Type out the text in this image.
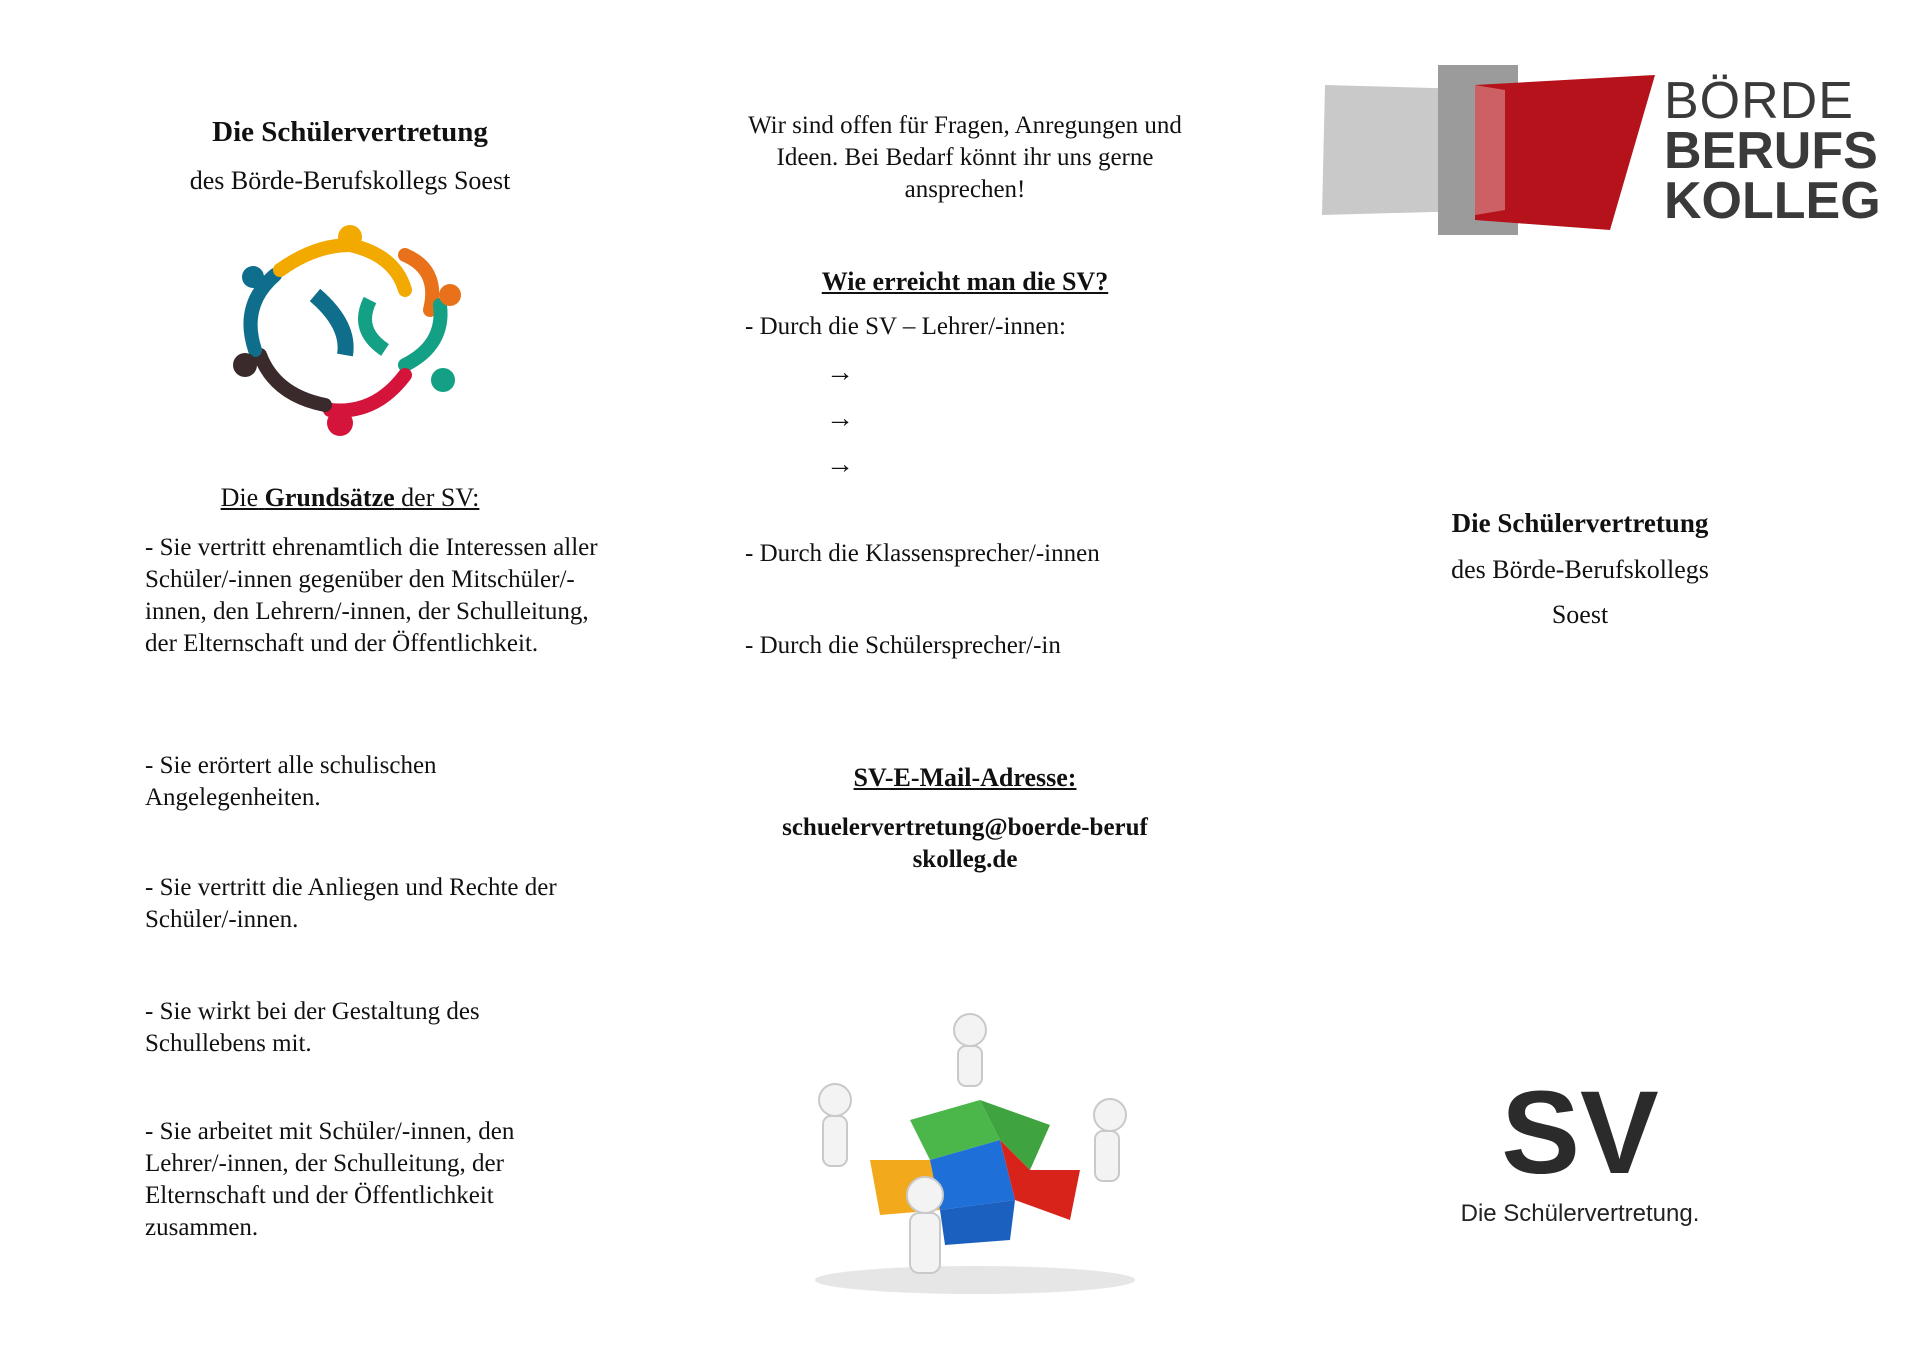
Die Schülervertretung
des Börde-Berufskollegs Soest
Die Grundsätze der SV:
- Sie vertritt ehrenamtlich die Interessen aller Schüler/-innen gegenüber den Mitschüler/-innen, den Lehrern/-innen, der Schulleitung, der Elternschaft und der Öffentlichkeit.
- Sie erörtert alle schulischen Angelegenheiten.
- Sie vertritt die Anliegen und Rechte der Schüler/-innen.
- Sie wirkt bei der Gestaltung des Schullebens mit.
- Sie arbeitet mit Schüler/-innen, den Lehrer/-innen, der Schulleitung, der Elternschaft und der Öffentlichkeit zusammen.
Wir sind offen für Fragen, Anregungen und Ideen. Bei Bedarf könnt ihr uns gerne ansprechen!
Wie erreicht man die SV?
- Durch die SV – Lehrer/-innen:
→
→
→
- Durch die Klassensprecher/-innen
- Durch die Schülersprecher/-in
SV-E-Mail-Adresse:
schuelervertretung@boerde-berufskolleg.de
BÖRDE
BERUFS
KOLLEG
Die Schülervertretung
des Börde-Berufskollegs
Soest
SV
Die Schülervertretung.
